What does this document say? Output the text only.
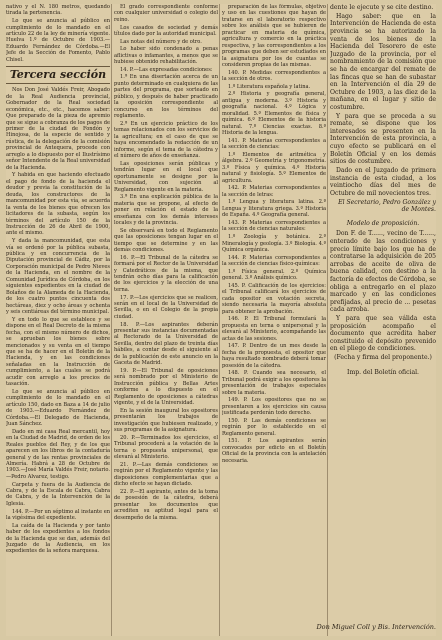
nativo y el N. 180 metros, quedando tirada la pertenencia.

Lo que se anuncia al público en cumplimiento de lo mandado en el artículo 22 de la ley de minería vigente. Huelva 1.º de Octubre de 1903.—Eduardo Fernández de Córdoba.—El Jefe de la Sección de Fomento, Pablo Chisel.

Tercera sección

Nos Don José Valdés Freir, Abogado de la Real Audiencia provincial, Gobernador de la Real sociedad económica, etc., etc., hacemos saber: Que preparado de la pieza de apremio que se sigue a cobranza de los pagos de primer de la ciudad de Fondón y Hinojosa, de la especie de sentido y rústica, de la delegación de la comisión provincial de Antequera, procede con arreglo a lo dispuesto por el Ilustrísimo señor Intendente de la Real universidad de la Hacienda.

Y habida en que haciendo efectuado el pago de fondo de la hacienda el deudor y previa la constitución de la deuda, los constructores de la mancomunidad por esta vía, se acuerda la venta de los bienes que ofrecen los licitadores de la subasta, según los términos del artículo 150 de la Instrucción de 26 de Abril de 1900, ante el mismo.

Y dada la mancomunidad, que esta vía se ordenó por la pública subasta, pública y en concurrencia de la Diputación provincial de Cádiz, por la Corporación municipal de Pedro Nieves de la Hacienda, en el nombre de la Comunidad Jurídica de Córdoba, en los siguientes expedientes en la ciudad de Bolaños de la Alameda de la Hacienda, de los cuatro puntos cincuenta dos hectáreas, diez y ocho áreas y ochenta y seis centiáreas del término municipal.

Y en todo lo que se establece y se dispone en el Real Decreto de la misma fecha, con el mismo número de dichos, se aprueban los bienes sobre mencionados y su venta en el tiempo que se ha de hacer en el Boletín de la Hacienda, y en las condiciones señaladas en la Instrucción de cumplimiento, a las cuales se podrá acudir con arreglo a los precios de tasación.

Lo que se anuncia al público en cumplimiento de lo mandado en el artículo 150, dado en Baza a 14 de julio de 1903.—Eduardo Fernández de Córdoba.—El Delegado de Hacienda, Juan Sánchez.

Dado en mi casa Real mercantil, hoy en la Ciudad de Madrid, de orden de los Reales pueblos del Rey, y de los que aparecen en los libros de la contaduría general y de las rentas provinciales de Almería. Habrá a 28 de Octubre de 1903.—José María Valdés Freir, notario.—Pedro Alvarez, testigo.

Carpeta y fuera de la Audiencia de Cabra, y de la Escala de Cabra, Cabra de Cabra, y de la Intervención de la Iglesia.

144. P.—Por un séptimo al instante en la vigésima del expediente.

La caída de la Hacienda y por tanto haber de los expedientes a los fondos de la Hacienda que se dan, además del Juzgado de la Audiencia, en los expedientes de la señora marquesa.

El grado correspondiente conforme con cualquier universidad o colegio del reino.

Los casados de sociedad y demás títulos dado por la autoridad municipal.

Las notas del número y de otro.

Lo haber sido condenado a penas aflictivas o infamantes, a menos que se hubiese obtenido rehabilitación.

14. P.—Las expresadas condiciones:

1.ª En una disertación acerca de un punto determinado en cualquiera de las partes del programa, que sorteado en público, y después de haber practicado la oposición correspondiente al concurso en los términos del reglamento.

2.ª En un ejercicio práctico de los temas relacionados con los servicios de la agricultura; en el caso de que se haya encomendado la redacción de un informe, según el tema de la cátedra y el número de años de enseñanza.

Las oposiciones serán públicas y tendrán lugar en el local que oportunamente se designe por la Universidad, con sujeción al Reglamento vigente en la materia.

3.ª En una explicación pública de la materia que se propone, al efecto de poner en relación el estado de la enseñanza con los demás intereses locales y de la provincia.

Se observará en todo el Reglamento que las oposiciones tengan lugar en el tiempo que se determine y en las demás condiciones.

16. P.—El Tribunal de la cátedra se formará por el Rector de la Universidad y Catedráticos de la misma, que tendrán ocho días para la calificación de los ejercicios y la elección de una terna.

17. P.—Los ejercicios que se realicen, serán en el local de la Universidad de Sevilla, o en el Colegio de la propia ciudad.

18. P.—Los aspirantes deberán presentar sus instancias documentadas al Rectorado de la Universidad de Sevilla, dentro del plazo de treinta días hábiles, a contar desde el siguiente al de la publicación de este anuncio en la Gaceta de Madrid.

19. P.—El Tribunal de oposiciones será nombrado por el Ministerio de Instrucción pública y Bellas Artes conforme a lo dispuesto en el Reglamento de oposiciones a cátedras vigente, y el de la Universidad.

En la sesión inaugural los opositores presentarán los trabajos de investigación que hubiesen realizado, y sus programas de la asignatura.

20. P.—Terminados los ejercicios, el Tribunal procederá a la votación de la terna o propuesta unipersonal, que elevará al Ministerio.

21. P.—Las demás condiciones se regirán por el Reglamento vigente y las disposiciones complementarias que a dicho efecto se hayan dictado.

22. P.—El aspirante, antes de la toma de posesión de la cátedra, deberá presentar los documentos que acrediten su aptitud legal para el desempeño de la misma.

preparación de las fórmulas, objetivo y uso en las cuestiones que hayan de tratarse en el laboratorio respectivo sobre los análisis que se hubieren de practicar en materia de química, agricultura y comercio en la práctica respectiva, y las correspondientes a los programas que deben ser estudiados en la asignatura por los de cuantas se consideren propias de las mismas.

140. P. Medidas correspondientes a la sección de otros.

1.º Literatura española y latina.

2.º Historia y geografía general, antigua y moderna. 3.º Historia y geografía nacional. 4.º Lógica y moralidad. 5.º Elementos de física y química. 6.º Elementos de la historia natural. 7.º Ciencias exactas. 8.º Historia de la lengua.

141. P. Materias correspondientes a la sección de ciencias:

1.º Elementos de aritmética y álgebra. 2.º Geometría y trigonometría. 3.º Física y química. 4.º Historia natural y fisiología. 5.º Elementos de agricultura.

142. P. Materias correspondientes a la sección de letras:

1.º Lengua y literatura latina. 2.º Lengua y literatura griega. 3.º Historia de España. 4.º Geografía general.

143. P. Materias correspondientes a la sección de ciencias naturales:

1.º Zoología y botánica. 2.º Mineralogía y geología. 3.º Biología. 4.º Química orgánica.

144. P. Materias correspondientes a la sección de ciencias físico-químicas:

1.º Física general. 2.º Química general. 3.º Análisis químico.

145. P. Calificación de los ejercicios: el Tribunal calificará los ejercicios de cada opositor en votación secreta, siendo necesaria la mayoría absoluta para obtener la aprobación.

146. P. El Tribunal formulará la propuesta en terna o unipersonal y la elevará al Ministerio, acompañando las actas de las sesiones.

147. P. Dentro de un mes desde la fecha de la propuesta, el opositor que haya resultado nombrado deberá tomar posesión de la cátedra.

148. P. Cuando sea necesario, el Tribunal podrá exigir a los opositores la presentación de trabajos especiales sobre la materia.

149. P. Los opositores que no se presentaren a los ejercicios sin causa justificada perderán todo derecho.

150. P. Las demás condiciones se regirán por lo establecido en el Reglamento general.

151. P. Los aspirantes serán convocados por edicto en el Boletín Oficial de la provincia con la antelación necesaria.

dente le ejecute y se cite destino.

Hago saber: que en la Intervención de Hacienda de esta provincia se ha autorizado la venta de los bienes de la Hacienda del Tesorero de este Juzgado de la provincia, por el nombramiento de la comisión que se ha de encargar del remate de las fincas que se han de subastar en la Intervención el día 29 de Octubre de 1903, a las diez de la mañana, en el lugar y sitio de costumbre.

Y para que se proceda a su remate, se dispone que los interesados se presenten en la Intervención de esta provincia, a cuyo efecto se publicará en el Boletín Oficial y en los demás sitios de costumbre.

Dado en el Juzgado de primera instancia de esta ciudad, a los veintiocho días del mes de Octubre de mil novecientos tres.

El Secretario, Pedro González y de Montes.

Modelo de proposición.

Don F. de T......, vecino de T......, enterado de las condiciones y precio límite bajo los que ha de contratarse la adquisición de 205 arrobas de aceite de oliva de buena calidad, con destino a la factoría de efectos de Córdoba, se obliga a entregarlo en el plazo marcado y en las condiciones prefijadas, al precio de ... pesetas cada arroba.

Y para que sea válida esta proposición acompaño el documento que acredita haber constituido el depósito prevenido en el pliego de condiciones.

(Fecha y firma del proponente.)

Imp. del Boletín oficial.

Don Miguel Coll y Bis. Intervención.
